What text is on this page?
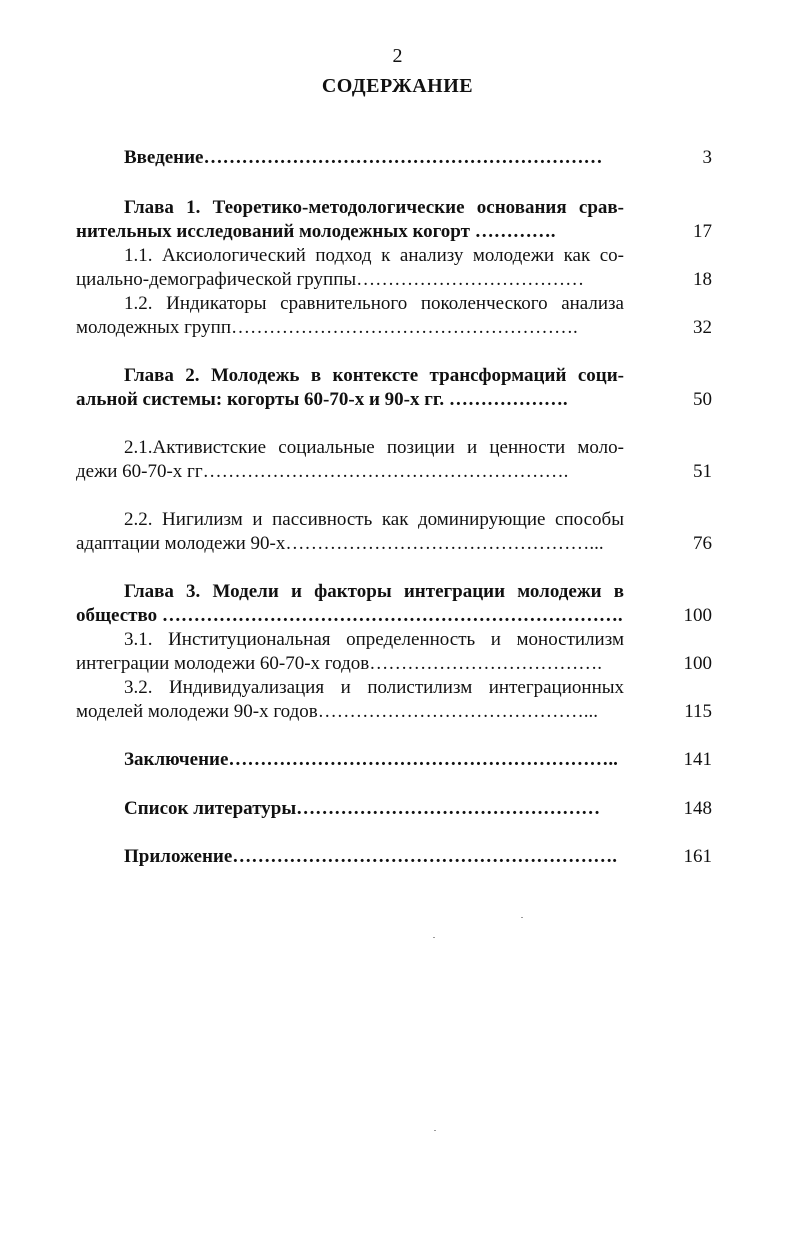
2
СОДЕРЖАНИЕ
Введение………………………………………………………	3
Глава 1. Теоретико-методологические основания срав-
нительных исследований молодежных когорт ………….	17
1.1. Аксиологический подход к анализу молодежи как со-
циально-демографической группы………………………………	18
1.2. Индикаторы сравнительного поколенческого анализа
молодежных групп……………………………………………….	32
Глава 2. Молодежь в контексте трансформаций соци-
альной системы: когорты 60-70-х и 90-х гг. ……………….	50
2.1.Активистские социальные позиции и ценности моло-
дежи 60-70-х гг………………………………………………….	51
2.2. Нигилизм и пассивность как доминирующие способы
адаптации молодежи 90-х…………………………………………...	76
Глава 3. Модели и факторы интеграции молодежи в
общество ……………………………………………………………….	100
3.1. Институциональная определенность и моностилизм
интеграции молодежи 60-70-х годов……………………………….	100
3.2. Индивидуализация и полистилизм интеграционных
моделей молодежи 90-х годов……………………………………...	115
Заключение……………………………………………………..	141
Список литературы…………………………………………	148
Приложение…………………………………………………….	161
